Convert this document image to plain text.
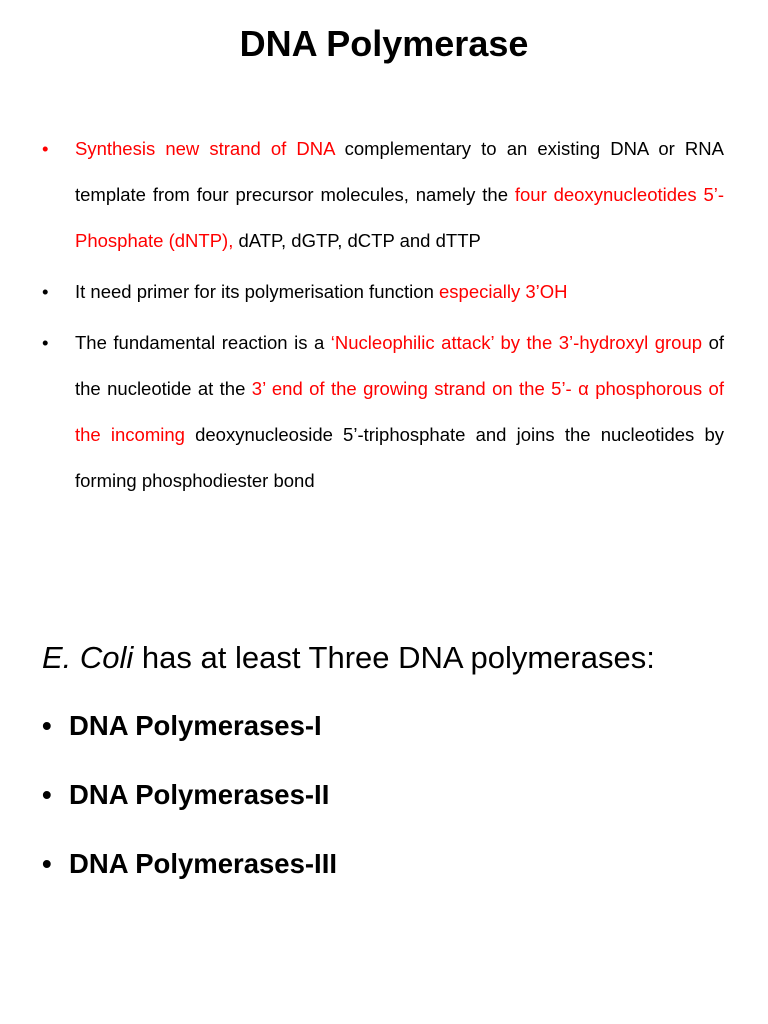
DNA Polymerase
•	Synthesis new strand of DNA complementary to an existing DNA or RNA template from four precursor molecules, namely the four deoxynucleotides 5’-Phosphate (dNTP), dATP, dGTP, dCTP and dTTP
•	It need primer for its polymerisation function especially 3’OH
•	The fundamental reaction is a ‘Nucleophilic attack’ by the 3’-hydroxyl group of the nucleotide at the 3’ end of the growing strand on the 5’- α phosphorous of the incoming deoxynucleoside 5’-triphosphate and joins the nucleotides by forming phosphodiester bond
E. Coli has at least Three DNA polymerases:
• DNA Polymerases-I
• DNA Polymerases-II
• DNA Polymerases-III
